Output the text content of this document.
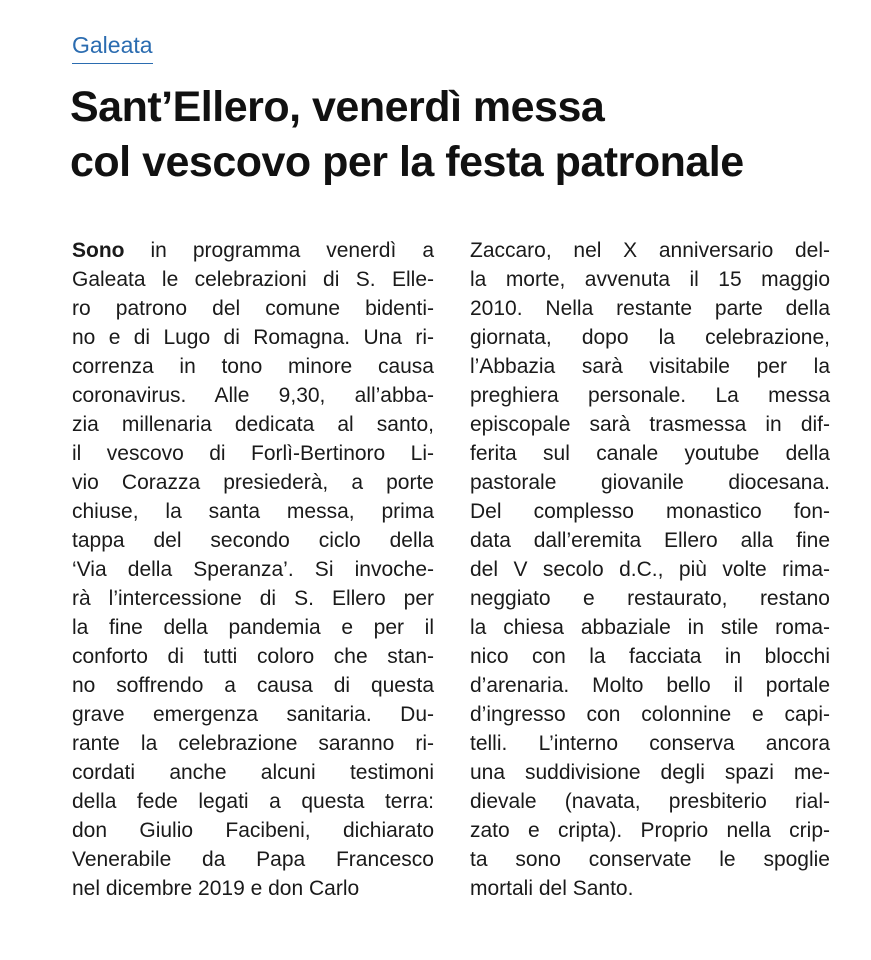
Galeata
Sant’Ellero, venerdì messa
col vescovo per la festa patronale
Sono in programma venerdì a
Galeata le celebrazioni di S. Elle-
ro patrono del comune bidenti-
no e di Lugo di Romagna. Una ri-
correnza in tono minore causa
coronavirus. Alle 9,30, all’abba-
zia millenaria dedicata al santo,
il vescovo di Forlì-Bertinoro Li-
vio Corazza presiederà, a porte
chiuse, la santa messa, prima
tappa del secondo ciclo della
‘Via della Speranza’. Si invoche-
rà l’intercessione di S. Ellero per
la fine della pandemia e per il
conforto di tutti coloro che stan-
no soffrendo a causa di questa
grave emergenza sanitaria. Du-
rante la celebrazione saranno ri-
cordati anche alcuni testimoni
della fede legati a questa terra:
don Giulio Facibeni, dichiarato
Venerabile da Papa Francesco
nel dicembre 2019 e don Carlo
Zaccaro, nel X anniversario del-
la morte, avvenuta il 15 maggio
2010. Nella restante parte della
giornata, dopo la celebrazione,
l’Abbazia sarà visitabile per la
preghiera personale. La messa
episcopale sarà trasmessa in dif-
ferita sul canale youtube della
pastorale giovanile diocesana.
Del complesso monastico fon-
data dall’eremita Ellero alla fine
del V secolo d.C., più volte rima-
neggiato e restaurato, restano
la chiesa abbaziale in stile roma-
nico con la facciata in blocchi
d’arenaria. Molto bello il portale
d’ingresso con colonnine e capi-
telli. L’interno conserva ancora
una suddivisione degli spazi me-
dievale (navata, presbiterio rial-
zato e cripta). Proprio nella crip-
ta sono conservate le spoglie
mortali del Santo.
